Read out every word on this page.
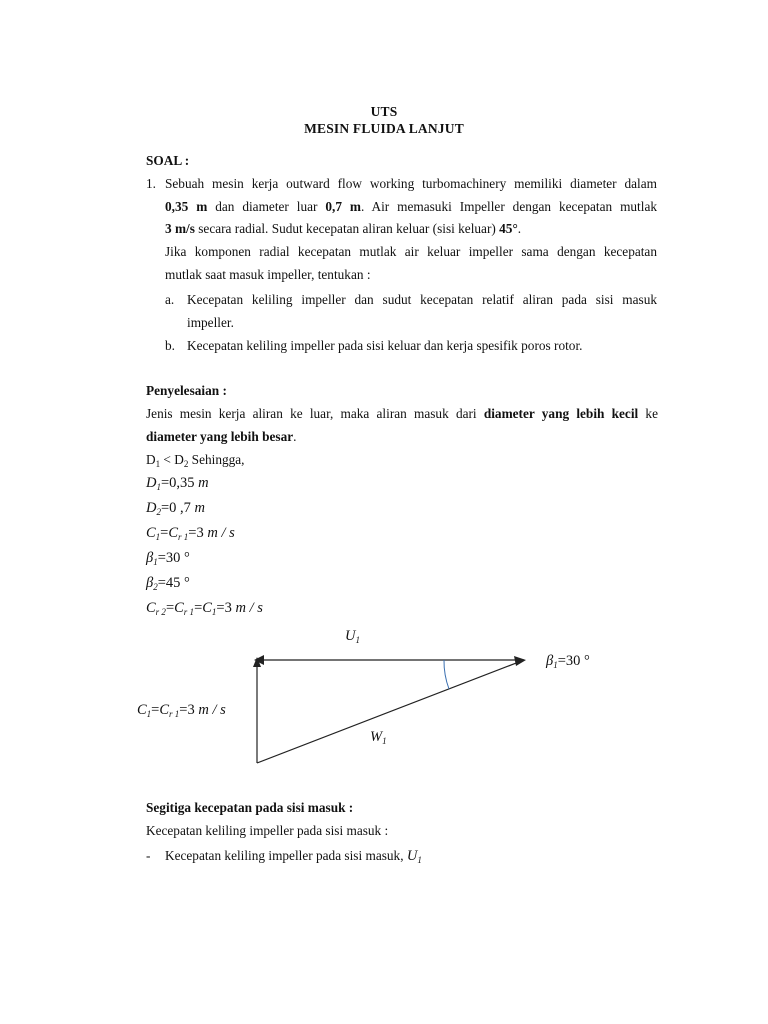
UTS
MESIN FLUIDA LANJUT
SOAL :
1. Sebuah mesin kerja outward flow working turbomachinery memiliki diameter dalam
0,35 m dan diameter luar 0,7 m. Air memasuki Impeller dengan kecepatan mutlak
3 m/s secara radial. Sudut kecepatan aliran keluar (sisi keluar) 45°.
Jika komponen radial kecepatan mutlak air keluar impeller sama dengan kecepatan
mutlak saat masuk impeller, tentukan :
a. Kecepatan keliling impeller dan sudut kecepatan relatif aliran pada sisi masuk
impeller.
b. Kecepatan keliling impeller pada sisi keluar dan kerja spesifik poros rotor.
Penyelesaian :
Jenis mesin kerja aliran ke luar, maka aliran masuk dari diameter yang lebih kecil ke
diameter yang lebih besar.
$D_1 < D_2$ Sehingga,
$D_1=0,35$ m
$D_2=0$ ,7 m
$C_1=C_{r 1}=3$ m / s
$\beta_1=30$ °
$\beta_2=45$ °
$C_{r 2}=C_{r 1}=C_1=3$ m / s
$U_1$
$\beta_1=30$ °
$C_1=C_{r 1}=3$ m / s
$W_1$
Segitiga kecepatan pada sisi masuk :
Kecepatan keliling impeller pada sisi masuk :
- Kecepatan keliling impeller pada sisi masuk, $U_1$
